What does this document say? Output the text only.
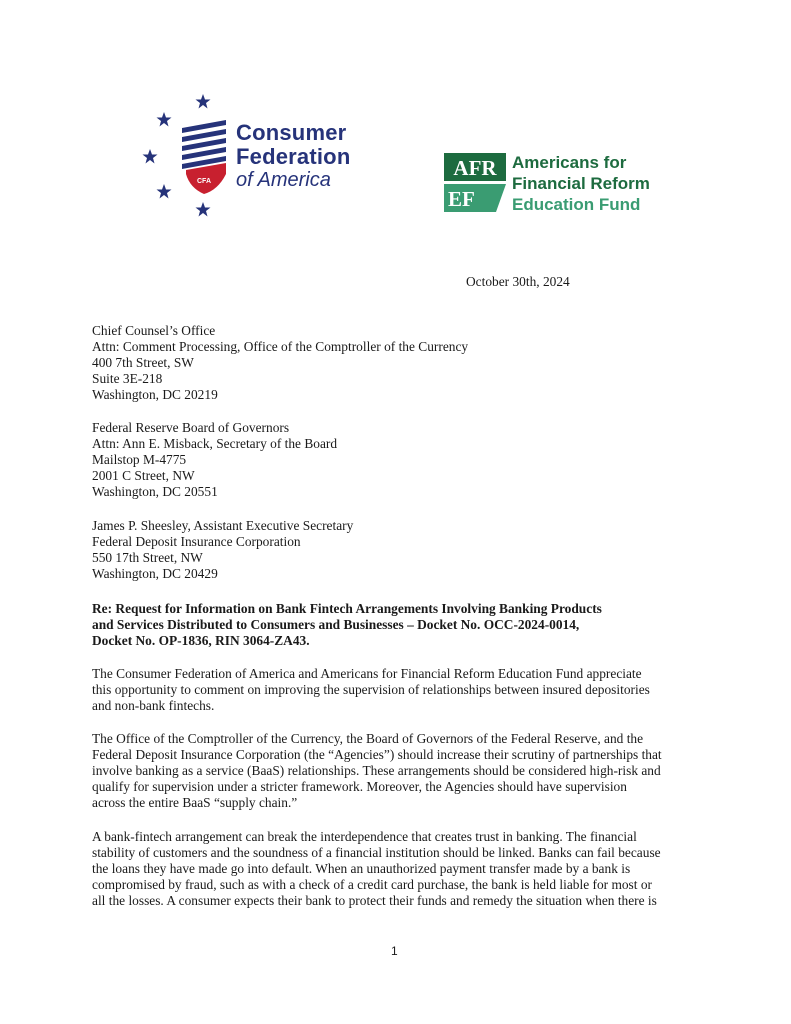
CFA
Consumer
Federation
of America	AFR
EF
Americans for
Financial Reform
Education Fund
October 30th, 2024
Chief Counsel’s Office
Attn: Comment Processing, Office of the Comptroller of the Currency
400 7th Street, SW
Suite 3E-218
Washington, DC 20219
Federal Reserve Board of Governors
Attn: Ann E. Misback, Secretary of the Board
Mailstop M-4775
2001 C Street, NW
Washington, DC 20551
James P. Sheesley, Assistant Executive Secretary
Federal Deposit Insurance Corporation
550 17th Street, NW
Washington, DC 20429
Re: Request for Information on Bank Fintech Arrangements Involving Banking Products
and Services Distributed to Consumers and Businesses – Docket No. OCC-2024-0014,
Docket No. OP-1836, RIN 3064-ZA43.
The Consumer Federation of America and Americans for Financial Reform Education Fund appreciate
this opportunity to comment on improving the supervision of relationships between insured depositories
and non-bank fintechs.
The Office of the Comptroller of the Currency, the Board of Governors of the Federal Reserve, and the
Federal Deposit Insurance Corporation (the “Agencies”) should increase their scrutiny of partnerships that
involve banking as a service (BaaS) relationships. These arrangements should be considered high-risk and
qualify for supervision under a stricter framework. Moreover, the Agencies should have supervision
across the entire BaaS “supply chain.”
A bank-fintech arrangement can break the interdependence that creates trust in banking. The financial
stability of customers and the soundness of a financial institution should be linked. Banks can fail because
the loans they have made go into default. When an unauthorized payment transfer made by a bank is
compromised by fraud, such as with a check of a credit card purchase, the bank is held liable for most or
all the losses. A consumer expects their bank to protect their funds and remedy the situation when there is
1
